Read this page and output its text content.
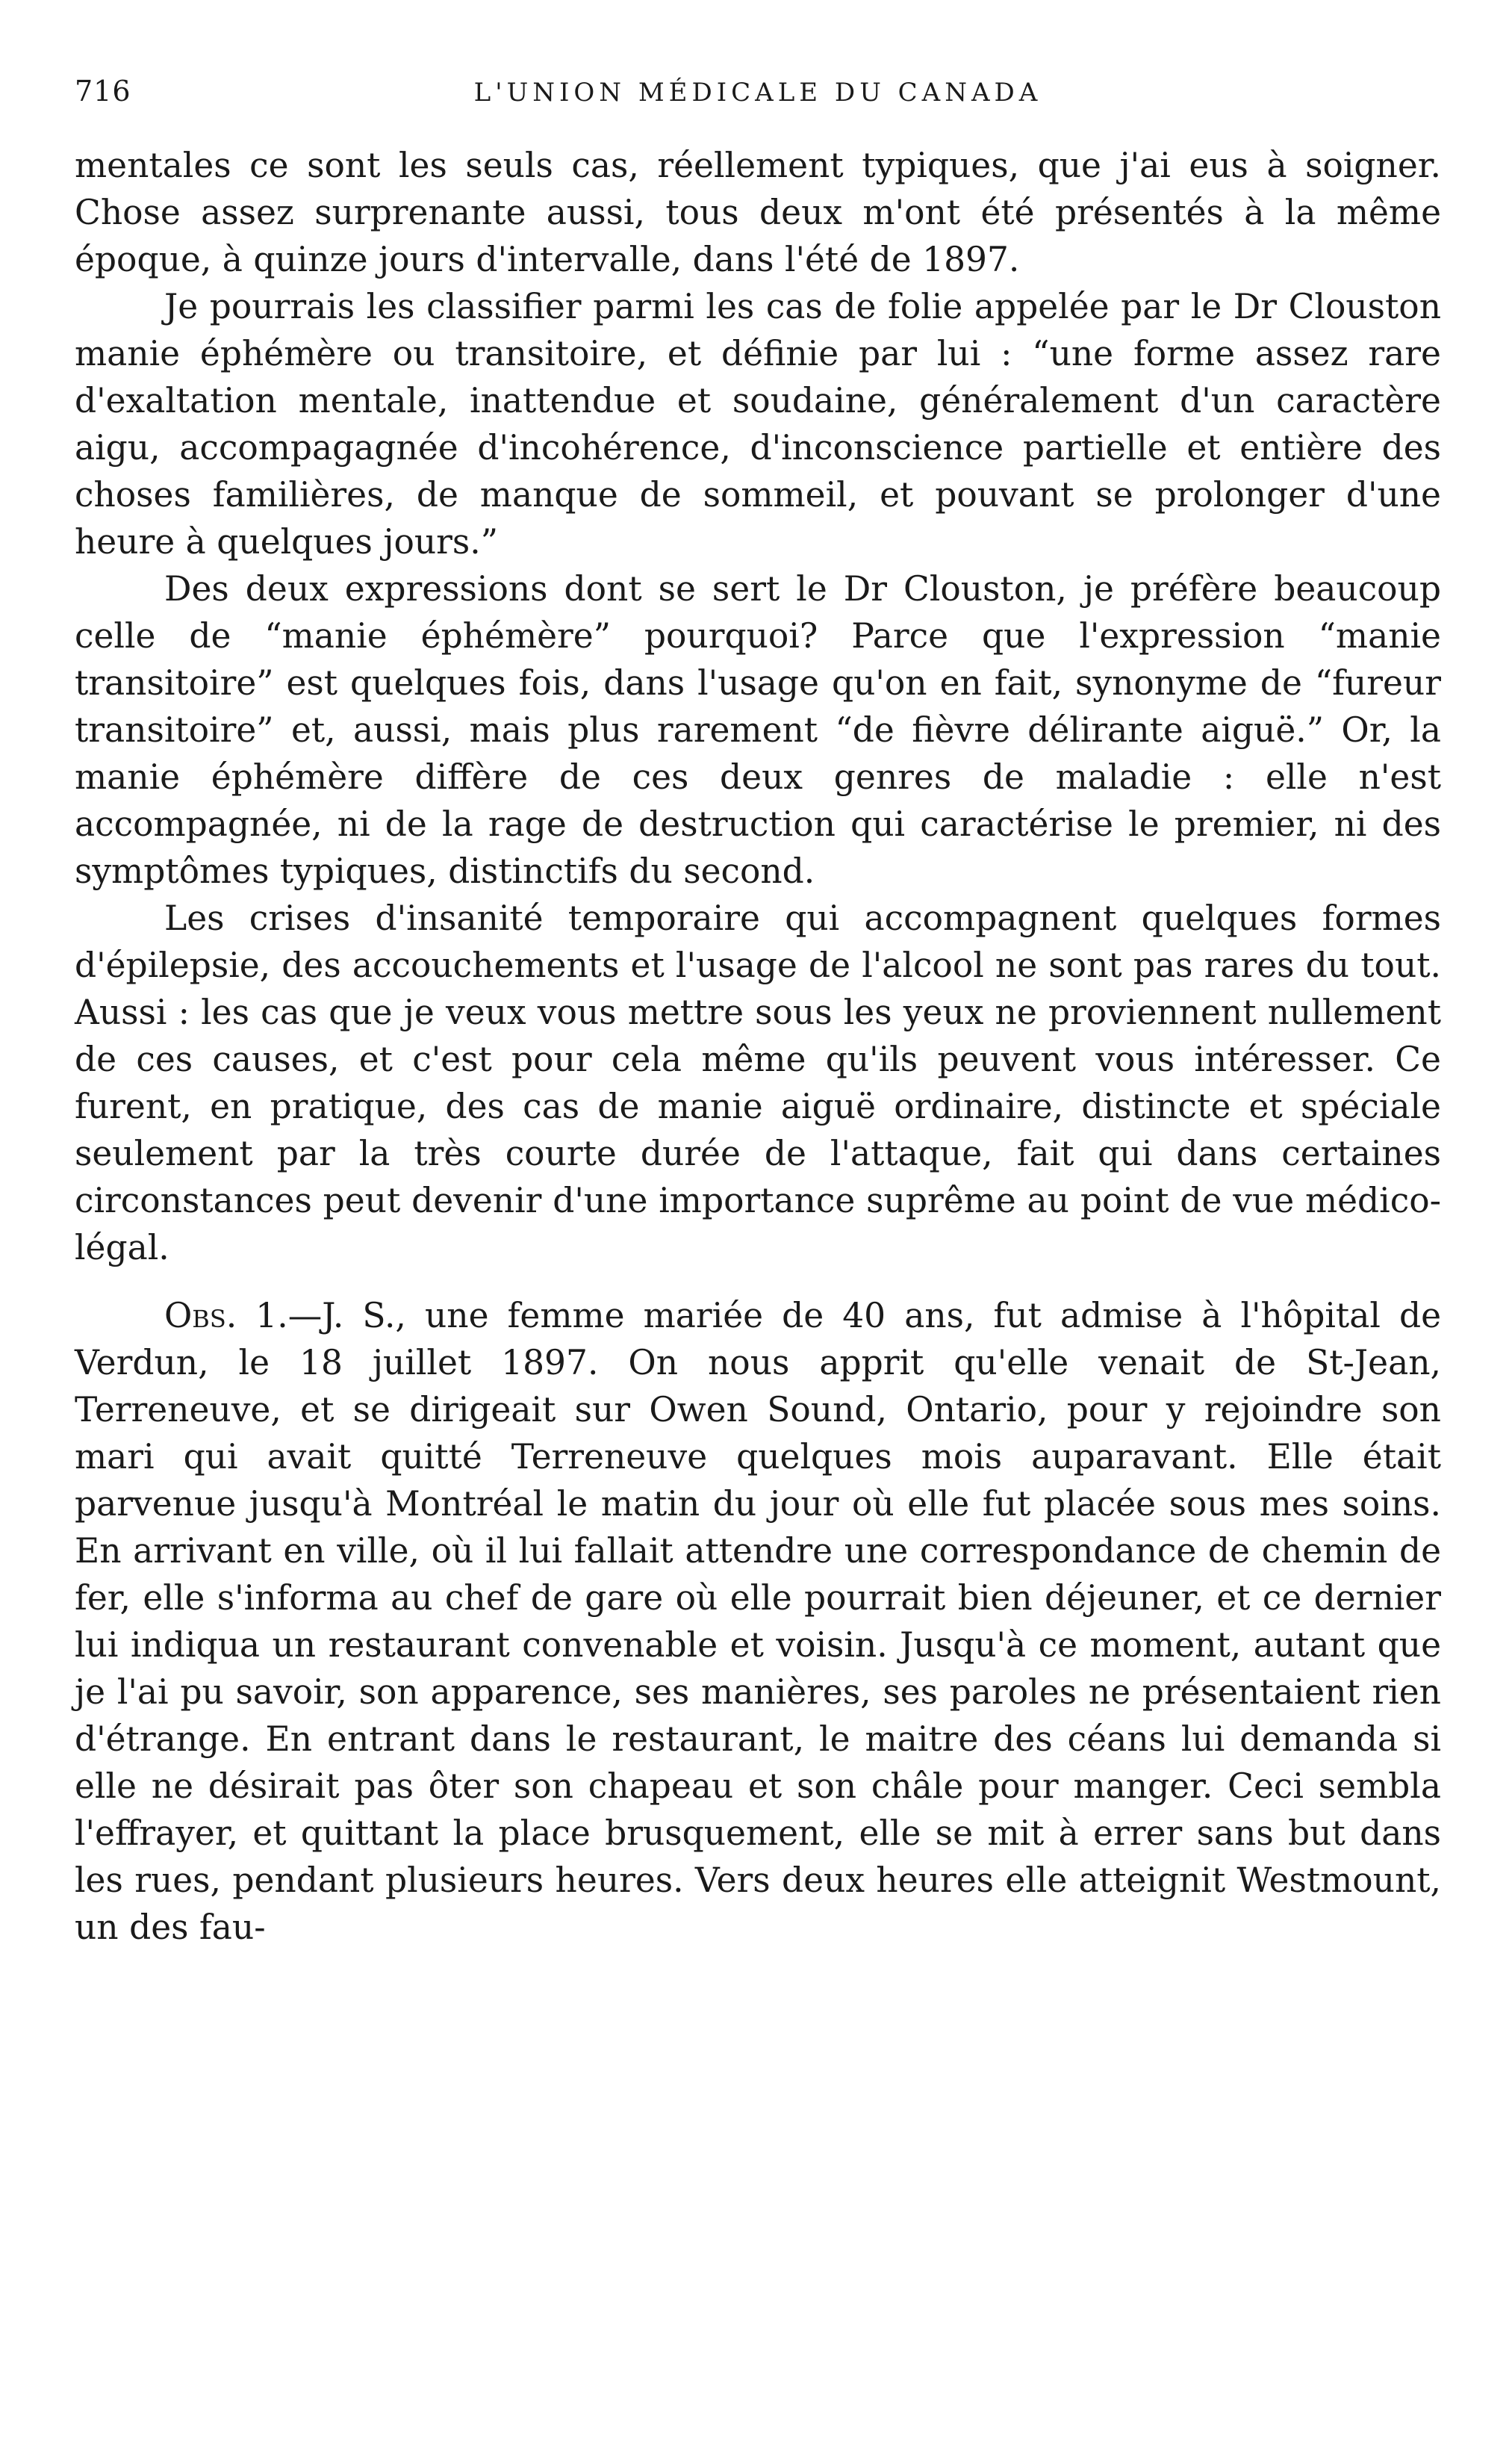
716	L'UNION MÉDICALE DU CANADA

mentales ce sont les seuls cas, réellement typiques, que j'ai eus à soigner. Chose assez surprenante aussi, tous deux m'ont été présentés à la même époque, à quinze jours d'intervalle, dans l'été de 1897.

Je pourrais les classifier parmi les cas de folie appelée par le Dr Clouston manie éphémère ou transitoire, et définie par lui : “une forme assez rare d'exaltation mentale, inattendue et soudaine, généralement d'un caractère aigu, accompagagnée d'incohérence, d'inconscience partielle et entière des choses familières, de manque de sommeil, et pouvant se prolonger d'une heure à quelques jours.”

Des deux expressions dont se sert le Dr Clouston, je préfère beaucoup celle de “manie éphémère” pourquoi? Parce que l'expression “manie transitoire” est quelques fois, dans l'usage qu'on en fait, synonyme de “fureur transitoire” et, aussi, mais plus rarement “de fièvre délirante aiguë.” Or, la manie éphémère diffère de ces deux genres de maladie : elle n'est accompagnée, ni de la rage de destruction qui caractérise le premier, ni des symptômes typiques, distinctifs du second.

Les crises d'insanité temporaire qui accompagnent quelques formes d'épilepsie, des accouchements et l'usage de l'alcool ne sont pas rares du tout. Aussi : les cas que je veux vous mettre sous les yeux ne proviennent nullement de ces causes, et c'est pour cela même qu'ils peuvent vous intéresser. Ce furent, en pratique, des cas de manie aiguë ordinaire, distincte et spéciale seulement par la très courte durée de l'attaque, fait qui dans certaines circonstances peut devenir d'une importance suprême au point de vue médico-légal.

Obs. 1.—J. S., une femme mariée de 40 ans, fut admise à l'hôpital de Verdun, le 18 juillet 1897. On nous apprit qu'elle venait de St-Jean, Terreneuve, et se dirigeait sur Owen Sound, Ontario, pour y rejoindre son mari qui avait quitté Terreneuve quelques mois auparavant. Elle était parvenue jusqu'à Montréal le matin du jour où elle fut placée sous mes soins. En arrivant en ville, où il lui fallait attendre une correspondance de chemin de fer, elle s'informa au chef de gare où elle pourrait bien déjeuner, et ce dernier lui indiqua un restaurant convenable et voisin. Jusqu'à ce moment, autant que je l'ai pu savoir, son apparence, ses manières, ses paroles ne présentaient rien d'étrange. En entrant dans le restaurant, le maitre des céans lui demanda si elle ne désirait pas ôter son chapeau et son châle pour manger. Ceci sembla l'effrayer, et quittant la place brusquement, elle se mit à errer sans but dans les rues, pendant plusieurs heures. Vers deux heures elle atteignit Westmount, un des fau-
